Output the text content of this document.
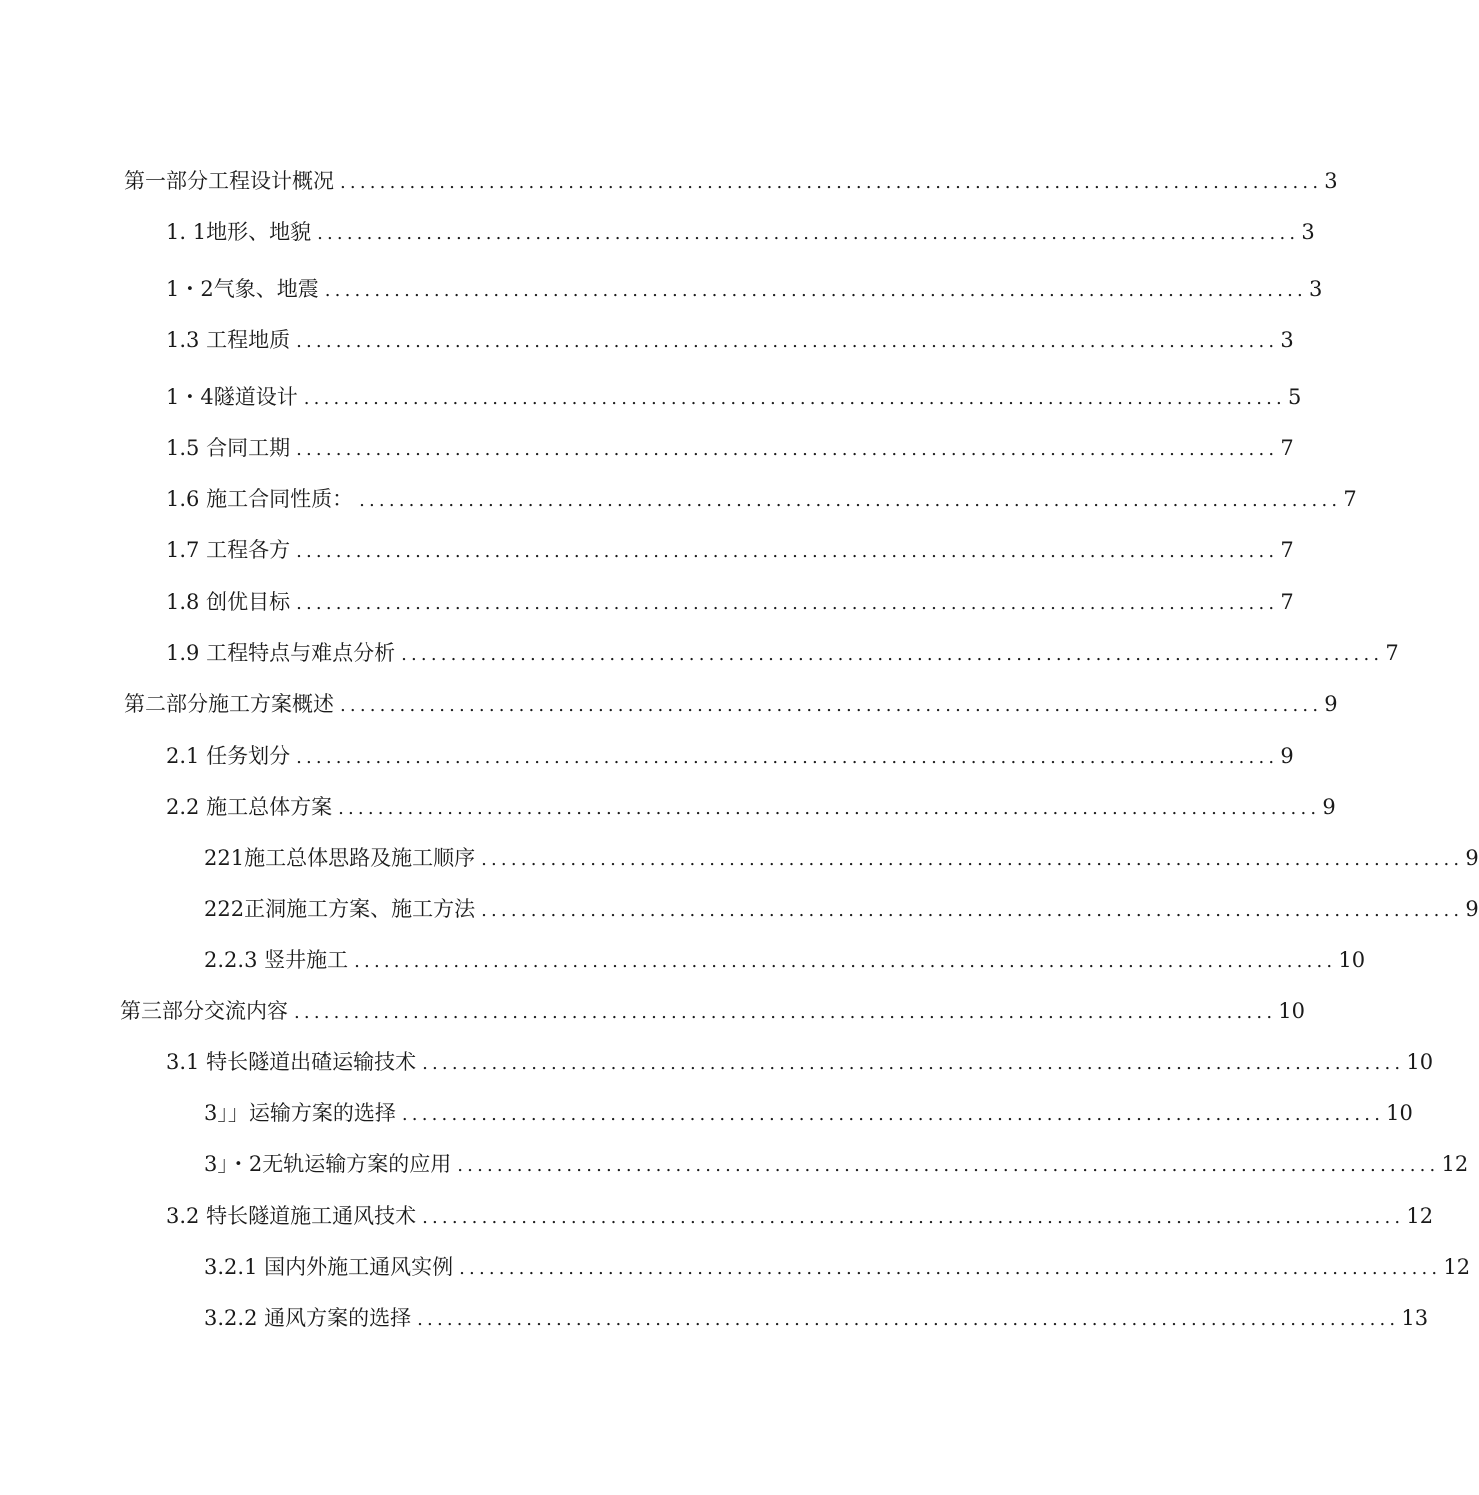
第一部分工程设计概况 ................................................................................................... 3
1. 1地形、地貌 ................................................................................................... 3
1・2气象、地震 ................................................................................................... 3
1.3 工程地质 ................................................................................................... 3
1・4隧道设计 ................................................................................................... 5
1.5 合同工期 ................................................................................................... 7
1.6 施工合同性质： ................................................................................................... 7
1.7 工程各方 ................................................................................................... 7
1.8 创优目标 ................................................................................................... 7
1.9 工程特点与难点分析 ................................................................................................... 7
第二部分施工方案概述 ................................................................................................... 9
2.1 任务划分 ................................................................................................... 9
2.2 施工总体方案 ................................................................................................... 9
221施工总体思路及施工顺序 ................................................................................................... 9
222正洞施工方案、施工方法 ................................................................................................... 9
2.2.3 竖井施工 ................................................................................................... 10
第三部分交流内容 ................................................................................................... 10
3.1 特长隧道出碴运输技术 ................................................................................................... 10
3」」运输方案的选择 ................................................................................................... 10
3」・2无轨运输方案的应用 ................................................................................................... 12
3.2 特长隧道施工通风技术 ................................................................................................... 12
3.2.1 国内外施工通风实例 ................................................................................................... 12
3.2.2 通风方案的选择 ................................................................................................... 13
